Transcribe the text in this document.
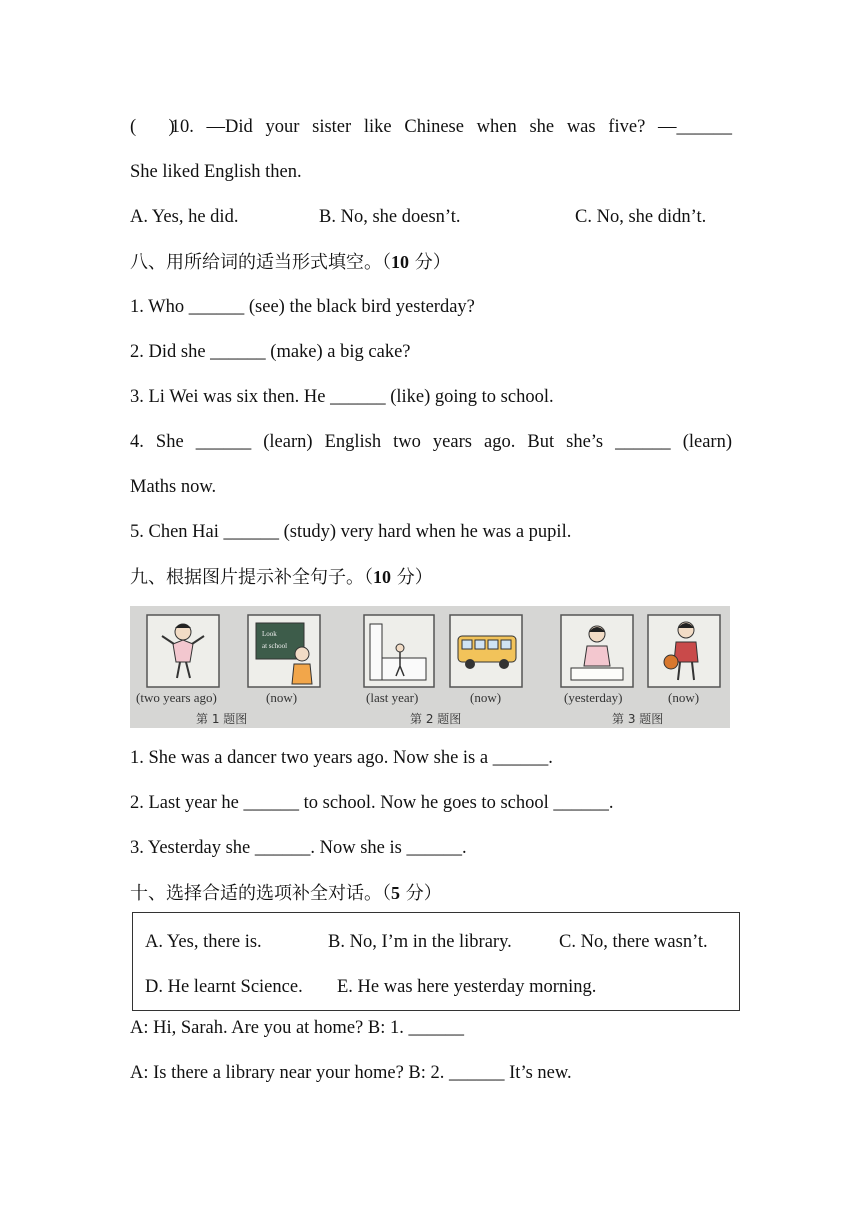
(       )
10. —Did your sister like Chinese when she was five? —______
She liked English then.
A. Yes, he did.	B. No, she doesn’t.	C. No, she didn’t.
八、用所给词的适当形式填空。（10 分）
1. Who ______ (see) the black bird yesterday?
2. Did she ______ (make) a big cake?
3. Li Wei was six then. He ______ (like) going to school.
4. She ______ (learn) English two years ago. But she’s ______ (learn)
Maths now.
5. Chen Hai ______ (study) very hard when he was a pupil.
九、根据图片提示补全句子。（10 分）
Look
at school
(two years ago)	(now)	(last year)	(now)	(yesterday)	(now)
第 1 题图	第 2 题图	第 3 题图
1. She was a dancer two years ago. Now she is a ______.
2. Last year he ______ to school. Now he goes to school ______.
3. Yesterday she ______. Now she is ______.
十、选择合适的选项补全对话。（5 分）
A. Yes, there is.	B. No, I’m in the library.	C. No, there wasn’t.
D. He learnt Science. E. He was here yesterday morning.
A: Hi, Sarah. Are you at home? B: 1. ______
A: Is there a library near your home? B: 2. ______ It’s new.
